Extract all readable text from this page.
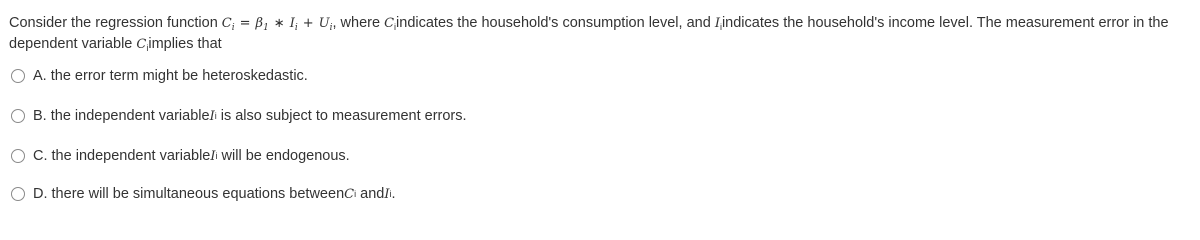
Consider the regression function $C_i = \beta_1$ ∗ $I_i + U_i$, where $C_iindicates$ the household's consumption level, and $I_iindicates$ the household's income level. The measurement error in the dependent variable $C_iimplies$ that
A.
the error term might be heteroskedastic.
B.
the independent variable I i
is also subject to measurement errors.
C.
the independent variable I i
will be endogenous.
D.
there will be simultaneous equations between C i
and I i .
